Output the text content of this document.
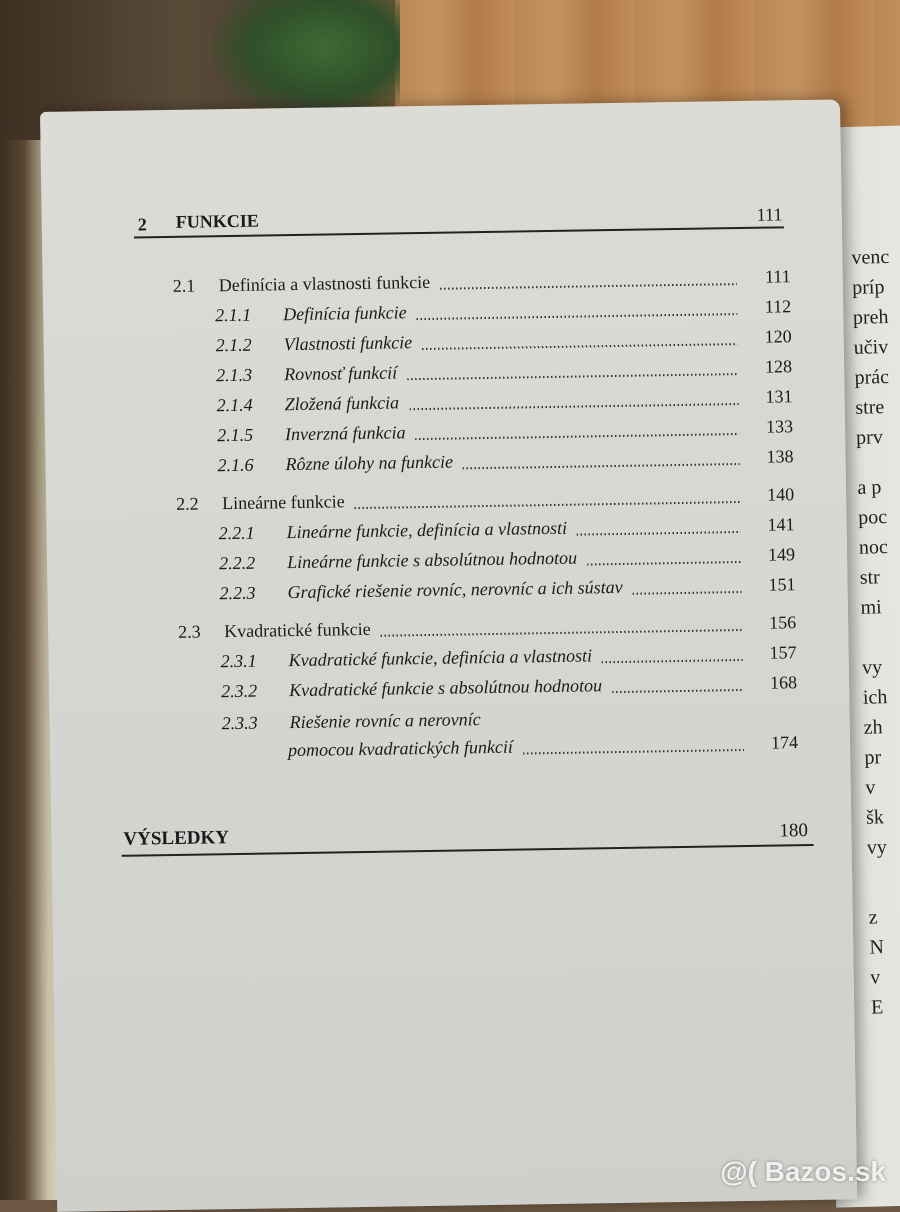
venc
príp
preh
učiv
prác
stre
prv
a p
poc
noc
str
mi
vy
ich
zh
pr
v
šk
vy
z
N
v
E
2 FUNKCIE	111
2.1 Definícia a vlastnosti funkcie	111
2.1.1 Definícia funkcie	112
2.1.2 Vlastnosti funkcie	120
2.1.3 Rovnosť funkcií	128
2.1.4 Zložená funkcia	131
2.1.5 Inverzná funkcia	133
2.1.6 Rôzne úlohy na funkcie	138
2.2 Lineárne funkcie	140
2.2.1 Lineárne funkcie, definícia a vlastnosti	141
2.2.2 Lineárne funkcie s absolútnou hodnotou	149
2.2.3 Grafické riešenie rovníc, nerovníc a ich sústav	151
2.3 Kvadratické funkcie	156
2.3.1 Kvadratické funkcie, definícia a vlastnosti	157
2.3.2 Kvadratické funkcie s absolútnou hodnotou	168
2.3.3 Riešenie rovníc a nerovníc
pomocou kvadratických funkcií	174
VÝSLEDKY	180
@( Bazos.sk
